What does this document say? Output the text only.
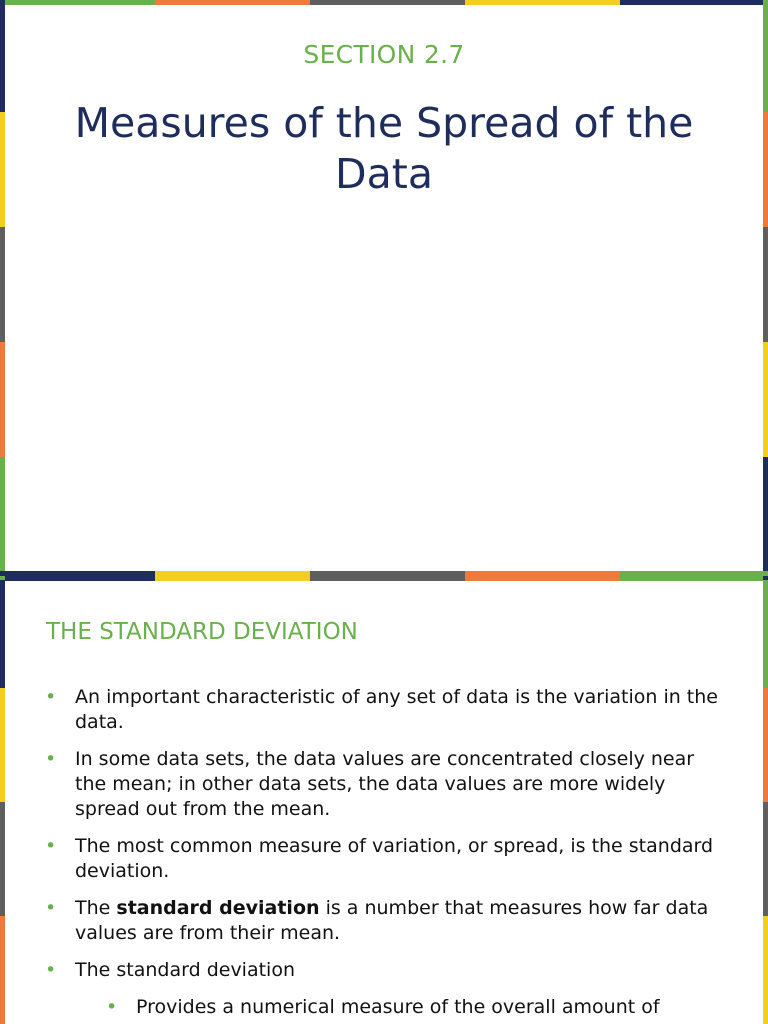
SECTION 2.7
Measures of the Spread of the Data
THE STANDARD DEVIATION
• An important characteristic of any set of data is the variation in the data.
• In some data sets, the data values are concentrated closely near the mean; in other data sets, the data values are more widely spread out from the mean.
• The most common measure of variation, or spread, is the standard deviation.
• The standard deviation is a number that measures how far data values are from their mean.
• The standard deviation
• Provides a numerical measure of the overall amount of
